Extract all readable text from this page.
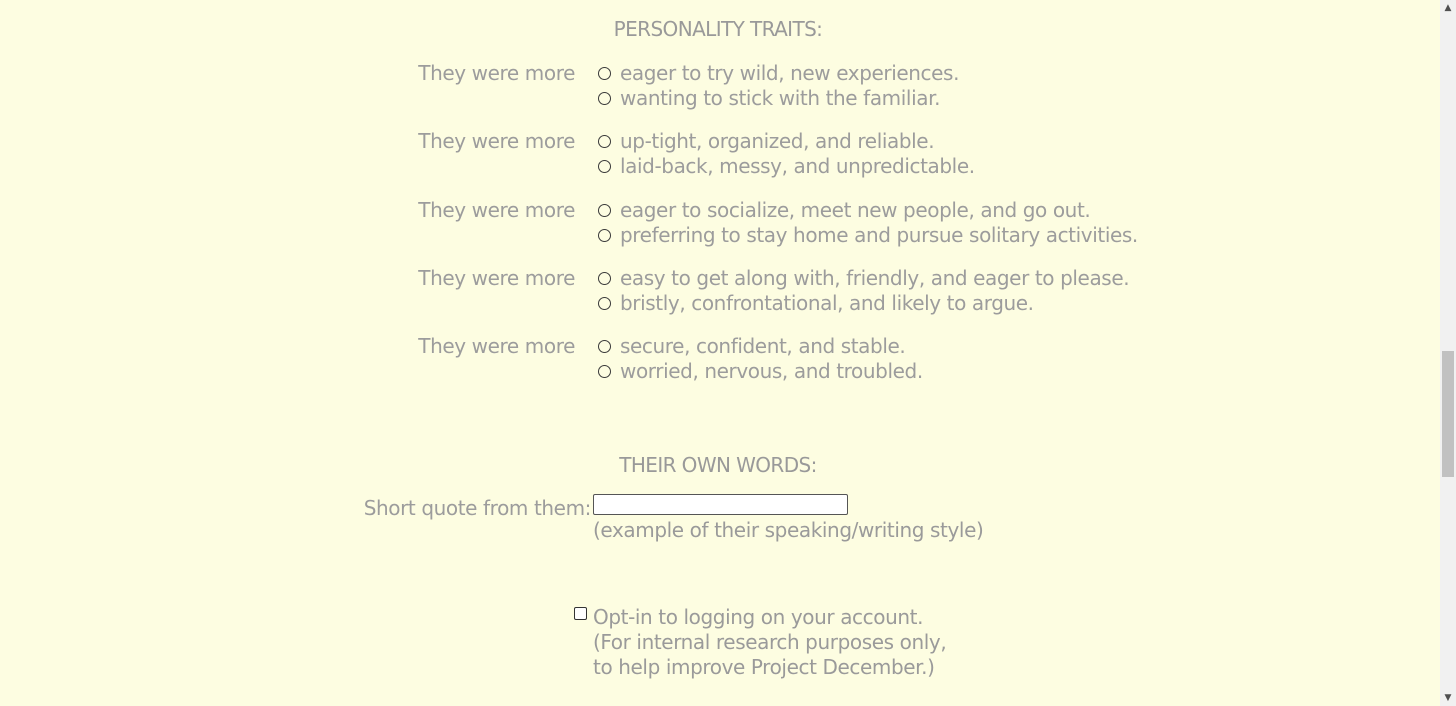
PERSONALITY TRAITS:
They were more eager to try wild, new experiences.
wanting to stick with the familiar.
They were more up-tight, organized, and reliable.
laid-back, messy, and unpredictable.
They were more eager to socialize, meet new people, and go out.
preferring to stay home and pursue solitary activities.
They were more easy to get along with, friendly, and eager to please.
bristly, confrontational, and likely to argue.
They were more secure, confident, and stable.
worried, nervous, and troubled.
THEIR OWN WORDS:
Short quote from them:
(example of their speaking/writing style)
Opt-in to logging on your account.
(For internal research purposes only,
to help improve Project December.)
▲
▼
